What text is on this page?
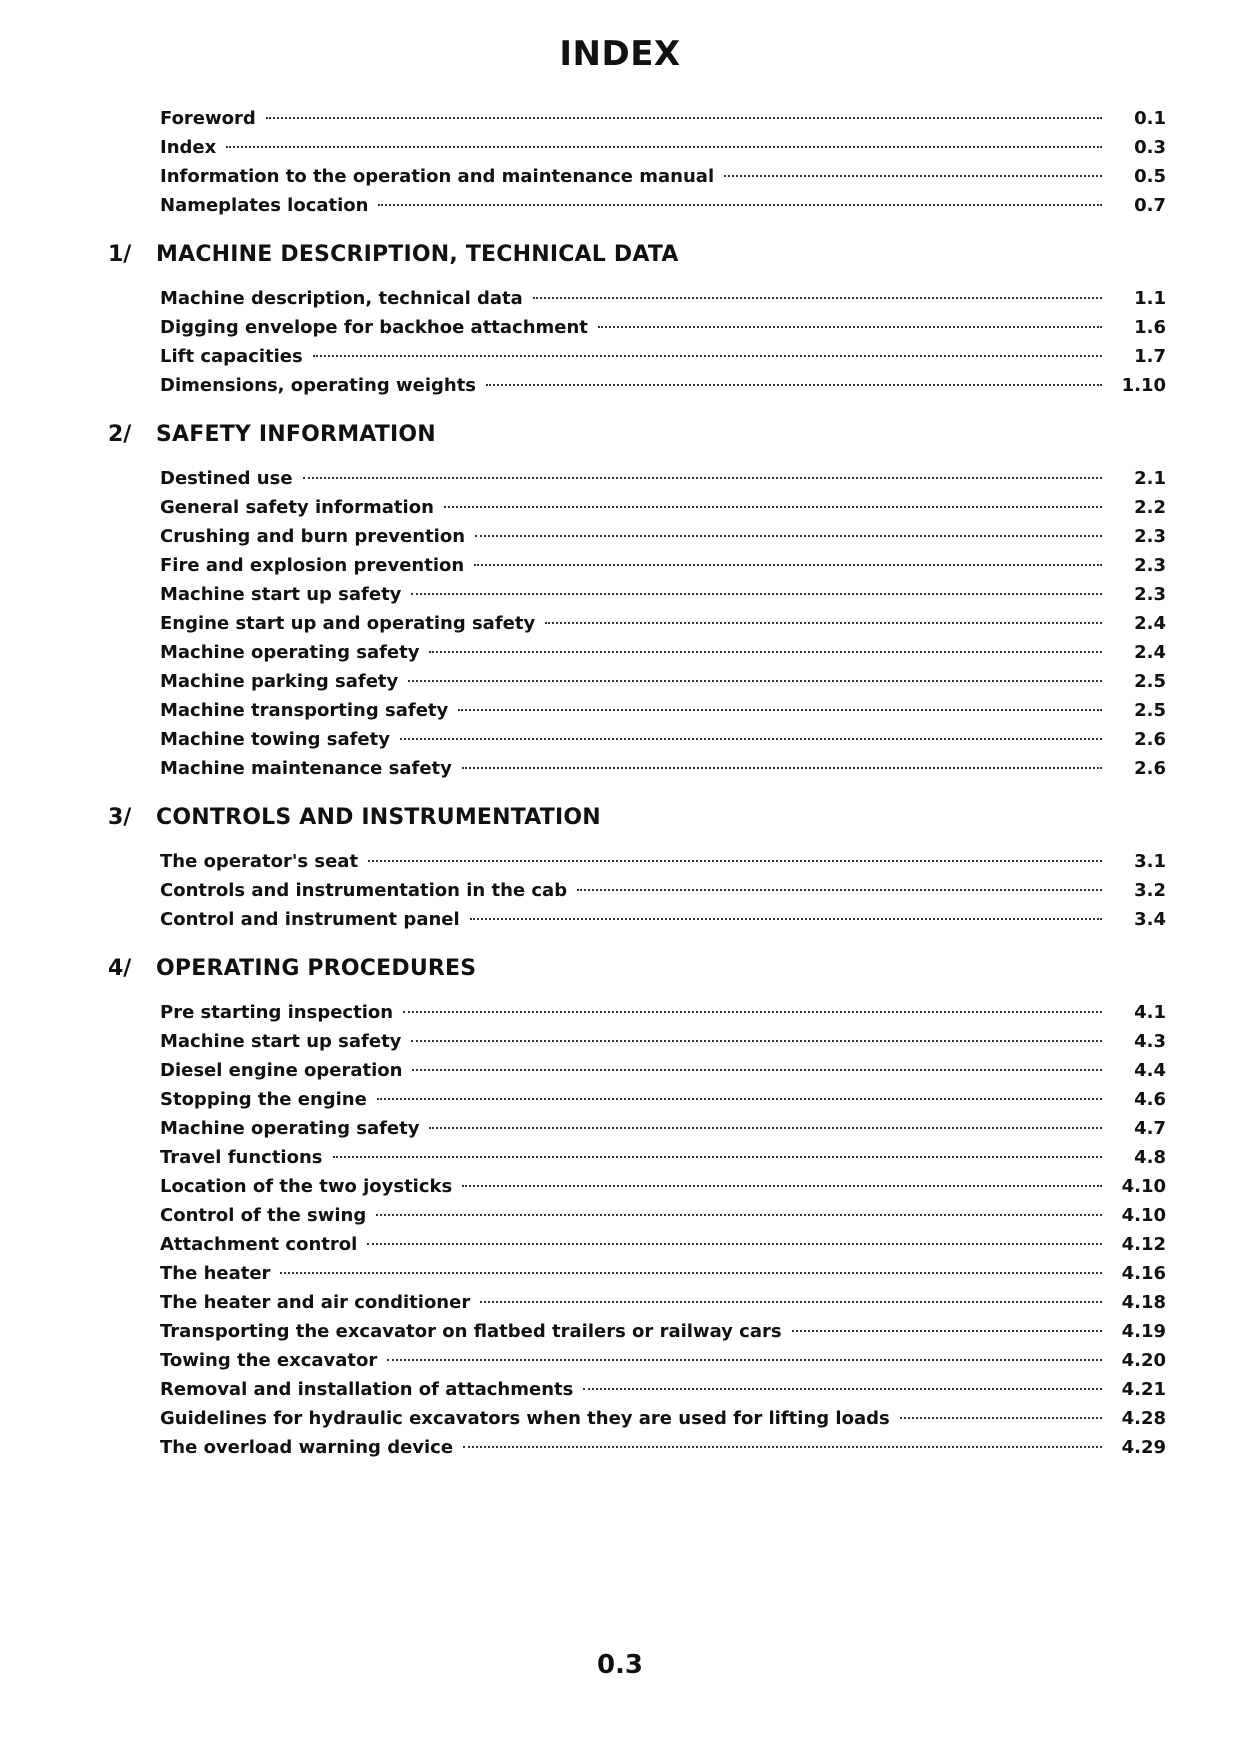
INDEX
Foreword	0.1
Index	0.3
Information to the operation and maintenance manual	0.5
Nameplates location	0.7
1/	MACHINE DESCRIPTION, TECHNICAL DATA
Machine description, technical data	1.1
Digging envelope for backhoe attachment	1.6
Lift capacities	1.7
Dimensions, operating weights	1.10
2/	SAFETY INFORMATION
Destined use	2.1
General safety information	2.2
Crushing and burn prevention	2.3
Fire and explosion prevention	2.3
Machine start up safety	2.3
Engine start up and operating safety	2.4
Machine operating safety	2.4
Machine parking safety	2.5
Machine transporting safety	2.5
Machine towing safety	2.6
Machine maintenance safety	2.6
3/	CONTROLS AND INSTRUMENTATION
The operator's seat	3.1
Controls and instrumentation in the cab	3.2
Control and instrument panel	3.4
4/	OPERATING PROCEDURES
Pre starting inspection	4.1
Machine start up safety	4.3
Diesel engine operation	4.4
Stopping the engine	4.6
Machine operating safety	4.7
Travel functions	4.8
Location of the two joysticks	4.10
Control of the swing	4.10
Attachment control	4.12
The heater	4.16
The heater and air conditioner	4.18
Transporting the excavator on flatbed trailers or railway cars	4.19
Towing the excavator	4.20
Removal and installation of attachments	4.21
Guidelines for hydraulic excavators when they are used for lifting loads	4.28
The overload warning device	4.29
0.3
